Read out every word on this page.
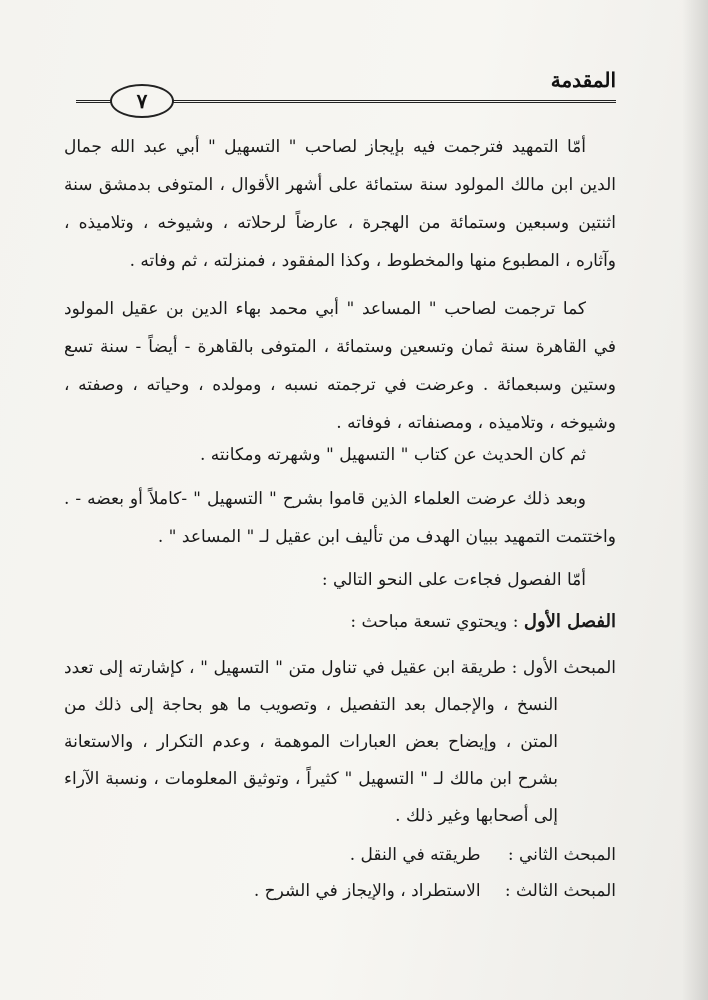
المقدمة
٧
أمّا التمهيد فترجمت فيه بإيجاز لصاحب " التسهيل " أبي عبد الله جمال الدين ابن مالك المولود سنة ستمائة على أشهر الأقوال ، المتوفى بدمشق سنة اثنتين وسبعين وستمائة من الهجرة ، عارضاً لرحلاته ، وشيوخه ، وتلاميذه ، وآثاره ، المطبوع منها والمخطوط ، وكذا المفقود ، فمنزلته ، ثم وفاته .
كما ترجمت لصاحب " المساعد " أبي محمد بهاء الدين بن عقيل المولود في القاهرة سنة ثمان وتسعين وستمائة ، المتوفى بالقاهرة - أيضاً - سنة تسع وستين وسبعمائة . وعرضت في ترجمته نسبه ، ومولده ، وحياته ، وصفته ، وشيوخه ، وتلاميذه ، ومصنفاته ، فوفاته .
ثم كان الحديث عن كتاب " التسهيل " وشهرته ومكانته .
وبعد ذلك عرضت العلماء الذين قاموا بشرح " التسهيل " -كاملاً أو بعضه - . واختتمت التمهيد ببيان الهدف من تأليف ابن عقيل لـ " المساعد " .
أمّا الفصول فجاءت على النحو التالي :
الفصل الأول : ويحتوي تسعة مباحث :
المبحث الأول : طريقة ابن عقيل في تناول متن " التسهيل " ، كإشارته إلى تعدد النسخ ، والإجمال بعد التفصيل ، وتصويب ما هو بحاجة إلى ذلك من المتن ، وإيضاح بعض العبارات الموهمة ، وعدم التكرار ، والاستعانة بشرح ابن مالك لـ " التسهيل " كثيراً ، وتوثيق المعلومات ، ونسبة الآراء إلى أصحابها وغير ذلك .
المبحث الثاني : طريقته في النقل .
المبحث الثالث : الاستطراد ، والإيجاز في الشرح .
